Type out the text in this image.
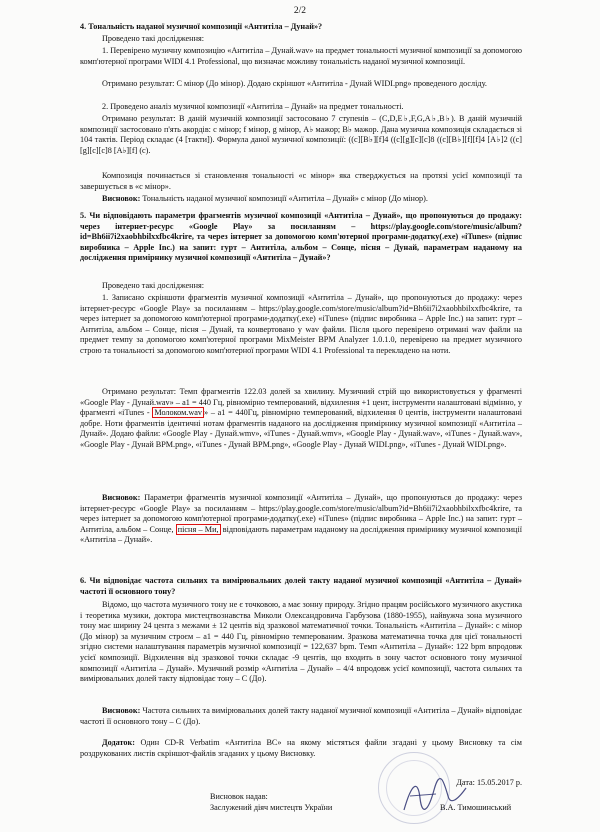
2/2
4. Тональність наданої музичної композиції «Антитіла – Дунай»?
Проведено такі дослідження:
1. Перевірено музичну композицію «Антитіла – Дунай.wav» на предмет тональності музичної композиції за допомогою комп'ютерної програми WIDI 4.1 Professional, що визначає можливу тональність наданої музичної композиції.
Отримано результат: C мінор (До мінор). Додаю скріншот «Антитіла - Дунай WIDI.png» проведеного досліду.
2. Проведено аналіз музичної композиції «Антитіла – Дунай» на предмет тональності.
Отримано результат: В даній музичній композиції застосовано 7 ступенів – (C,D,E♭,F,G,A♭,B♭). В даній музичній композиції застосовано п'ять акордів: c мінор; f мінор, g мінор, A♭ мажор; B♭ мажор. Дана музична композиція складається зі 104 тактів. Період складає (4 [такти]). Формула даної музичної композиції: ((c][B♭][f]4 ((c][g][c][c]8 ((c][B♭][f][f]4 [A♭]2 ((c][g][c][c]8 [A♭][f] (c).
Композиція починається зі становлення тональності «с мінор» яка стверджується на протязі усієї композиції та завершується в «с мінор».
Висновок: Тональність наданої музичної композиції «Антитіла – Дунай» с мінор (До мінор).
5. Чи відповідають параметри фрагментів музичної композиції «Антитіла – Дунай», що пропонуються до продажу: через інтернет-ресурс «Google Play» за посиланням – https://play.google.com/store/music/album?id=Bh6ii7i2xaobhbilxxfbc4krire, та через інтернет за допомогою комп'ютерної програми-додатку(.exe) «iTunes» (підпис виробника – Apple Inc.) на запит: гурт – Антитіла, альбом – Сонце, пісня – Дунай, параметрам наданому на дослідження примірнику музичної композиції «Антитіла – Дунай»?
Проведено такі дослідження:
1. Записано скріншоти фрагментів музичної композиції «Антитіла – Дунай», що пропонуються до продажу: через інтернет-ресурс «Google Play» за посиланням – https://play.google.com/store/music/album?id=Bh6ii7i2xaobhbilxxfbc4krire, та через інтернет за допомогою комп'ютерної програми-додатку(.exe) «iTunes» (підпис виробника – Apple Inc.) на запит: гурт – Антитіла, альбом – Сонце, пісня – Дунай, та конвертовано у wav файли. Після цього перевірено отримані wav файли на предмет темпу за допомогою комп'ютерної програми MixMeister BPM Analyzer 1.0.1.0, перевірено на предмет музичного строю та тональності за допомогою комп'ютерної програми WIDI 4.1 Professional та перекладено на ноти.
Отримано результат: Темп фрагментів 122.03 долей за хвилину. Музичний стрій що використовується у фрагменті «Google Play - Дунай.wav» – a1 = 440 Гц, рівномірно темперований, відхилення +1 цент, інструменти налаштовані відмінно, у фрагменті «iTunes - Молоком.wav » – a1 = 440Гц, рівномірно темперований, відхилення 0 центів, інструменти налаштовані добре. Ноти фрагментів ідентичні нотам фрагментів наданого на дослідження примірнику музичної композиції «Антитіла – Дунай». Додаю файли: «Google Play - Дунай.wmv», «iTunes - Дунай.wmv», «Google Play - Дунай.wav», «iTunes - Дунай.wav», «Google Play - Дунай BPM.png», «iTunes - Дунай BPM.png», «Google Play - Дунай WIDI.png», «iTunes - Дунай WIDI.png».
Висновок: Параметри фрагментів музичної композиції «Антитіла – Дунай», що пропонуються до продажу: через інтернет-ресурс «Google Play» за посиланням – https://play.google.com/store/music/album?id=Bh6ii7i2xaobhbilxxfbc4krire, та через інтернет за допомогою комп'ютерної програми-додатку(.exe) «iTunes» (підпис виробника – Apple Inc.) на запит: гурт – Антитіла, альбом – Сонце, пісня – Ми, відповідають параметрам наданому на дослідження примірнику музичної композиції «Антитіла – Дунай».
6. Чи відповідає частота сильних та вимірювальних долей такту наданої музичної композиції «Антитіла – Дунай» частоті її основного тону?
Відомо, що частота музичного тону не є точковою, а має зонну природу. Згідно працям російського музичного акустика і теоретика музики, доктора мистецтвознавства Миколи Олександровича Гарбузова (1880-1955), найвужча зона музичного тону має ширину 24 цента з межами ± 12 центів від зразкової математичної точки. Тональність «Антитіла – Дунай»: с мінор (До мінор) за музичним строєм – a1 = 440 Гц, рівномірно темперованим. Зразкова математична точка для цієї тональності згідно системи налаштування параметрів музичної композиції = 122,637 bpm. Темп «Антитіла – Дунай»: 122 bpm впродовж усієї композиції. Відхилення від зразкової точки складає -9 центів, що входить в зону частот основного тону музичної композиції «Антитіла – Дунай». Музичний розмір «Антитіла – Дунай» – 4/4 впродовж усієї композиції, частота сильних та вимірювальних долей такту відповідає тону – C (До).
Висновок: Частота сильних та вимірювальних долей такту наданої музичної композиції «Антитіла – Дунай» відповідає частоті її основного тону – C (До).
Додаток: Один CD-R Verbatim «Антитіла ВС» на якому містяться файли згадані у цьому Висновку та сім роздрукованих листів скріншот-файлів згаданих у цьому Висновку.
Дата: 15.05.2017 р.
Висновок надав:
Заслужений діяч мистецтв України	В.А. Тимошинський
